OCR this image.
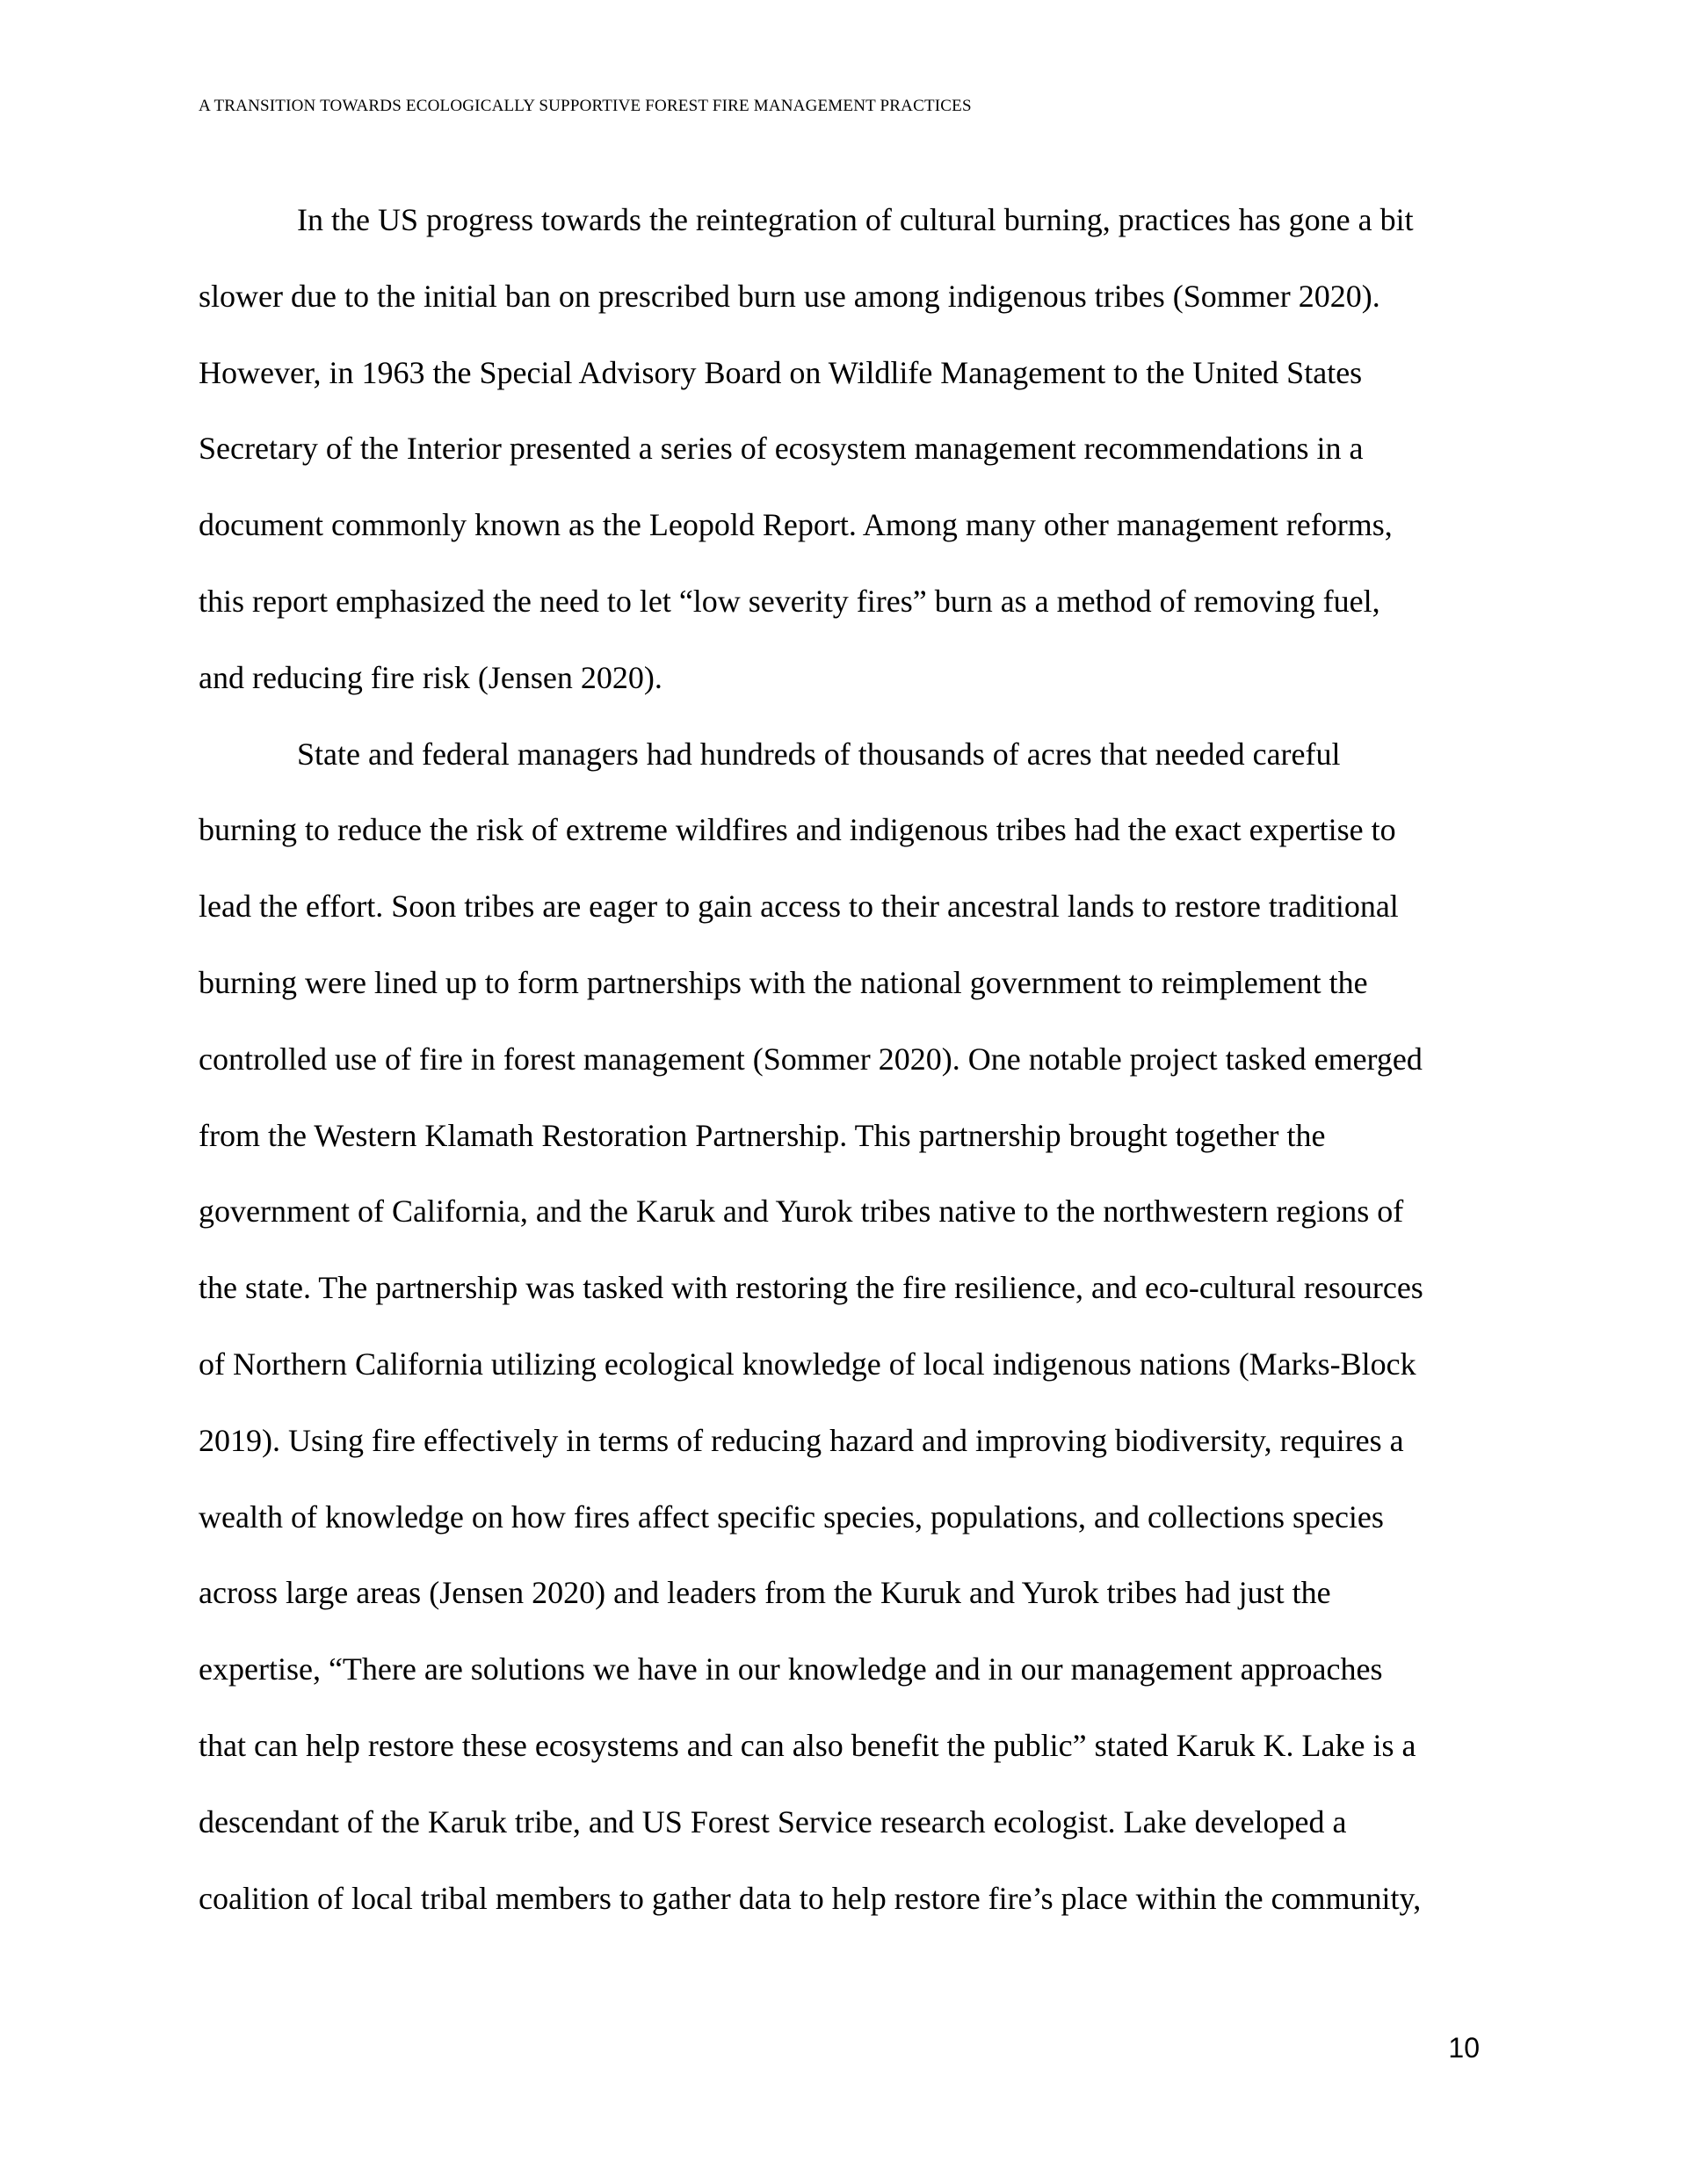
A TRANSITION TOWARDS ECOLOGICALLY SUPPORTIVE FOREST FIRE MANAGEMENT PRACTICES
In the US progress towards the reintegration of cultural burning, practices has gone a bit
slower due to the initial ban on prescribed burn use among indigenous tribes (Sommer 2020).
However, in 1963 the Special Advisory Board on Wildlife Management to the United States
Secretary of the Interior presented a series of ecosystem management recommendations in a
document commonly known as the Leopold Report. Among many other management reforms,
this report emphasized the need to let “low severity fires” burn as a method of removing fuel,
and reducing fire risk (Jensen 2020).
State and federal managers had hundreds of thousands of acres that needed careful
burning to reduce the risk of extreme wildfires and indigenous tribes had the exact expertise to
lead the effort. Soon tribes are eager to gain access to their ancestral lands to restore traditional
burning were lined up to form partnerships with the national government to reimplement the
controlled use of fire in forest management (Sommer 2020). One notable project tasked emerged
from the Western Klamath Restoration Partnership. This partnership brought together the
government of California, and the Karuk and Yurok tribes native to the northwestern regions of
the state. The partnership was tasked with restoring the fire resilience, and eco-cultural resources
of Northern California utilizing ecological knowledge of local indigenous nations (Marks-Block
2019). Using fire effectively in terms of reducing hazard and improving biodiversity, requires a
wealth of knowledge on how fires affect specific species, populations, and collections species
across large areas (Jensen 2020) and leaders from the Kuruk and Yurok tribes had just the
expertise, “There are solutions we have in our knowledge and in our management approaches
that can help restore these ecosystems and can also benefit the public” stated Karuk K. Lake is a
descendant of the Karuk tribe, and US Forest Service research ecologist. Lake developed a
coalition of local tribal members to gather data to help restore fire’s place within the community,
10
